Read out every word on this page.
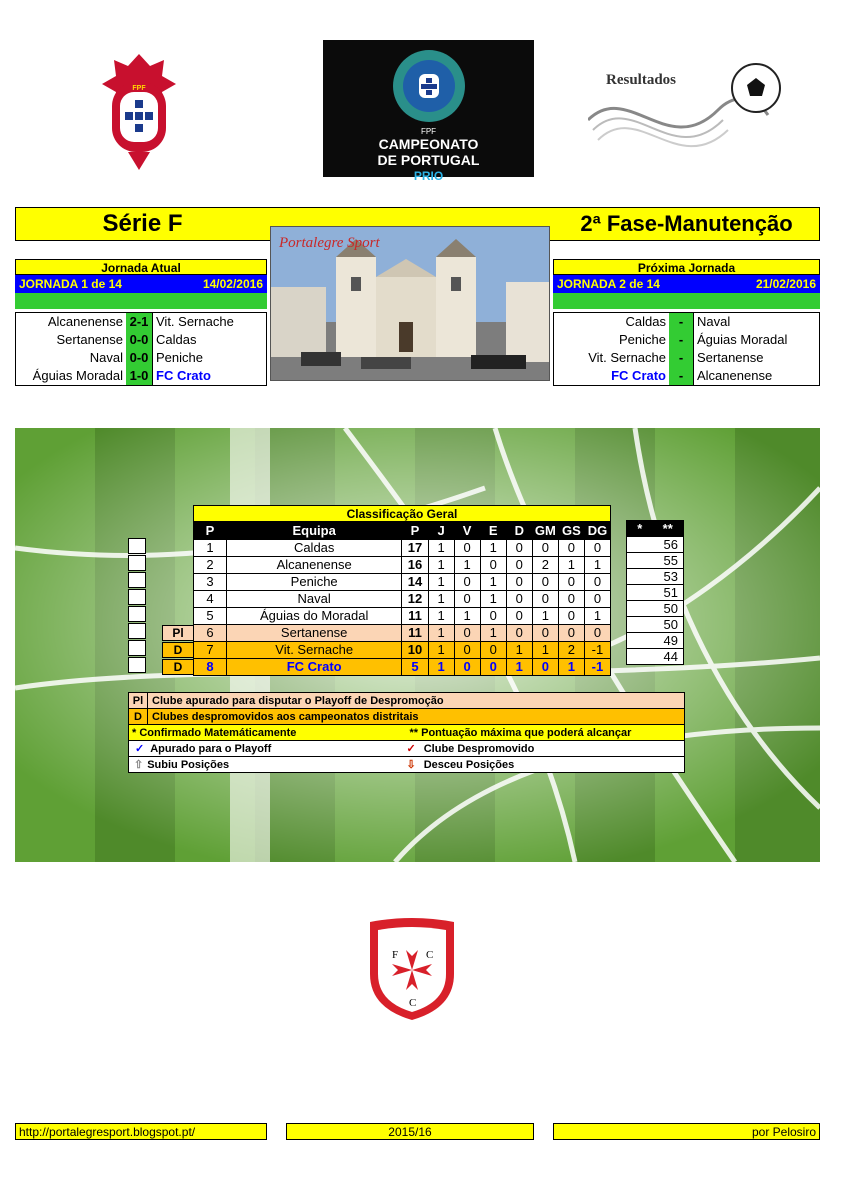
FPF
FPF
CAMPEONATO
DE PORTUGAL
PRIO
Resultados
Série F	2ª Fase-Manutenção
Portalegre Sport
Jornada Atual
JORNADA 1 de 14	14/02/2016
Alcanenense 2-1 Vit. Sernache
Sertanense 0-0 Caldas
Naval 0-0 Peniche
Águias Moradal 1-0 FC Crato
Próxima Jornada
JORNADA 2 de 14	21/02/2016
Caldas -	Naval
Peniche -	Águias Moradal
Vit. Sernache -	Sertanense
FC Crato -	Alcanenense
Pl
D
D
Classificação Geral
P	Equipa	P	J	V	E	D	GM	GS	DG
1	Caldas	17	1	0	1	0	0	0	0
2	Alcanenense	16	1	1	0	0	2	1	1
3	Peniche	14	1	0	1	0	0	0	0
4	Naval	12	1	0	1	0	0	0	0
5	Águias do Moradal	11	1	1	0	0	1	0	1
6	Sertanense	11	1	0	1	0	0	0	0
7	Vit. Sernache	10	1	0	0	1	1	2	-1
8	FC Crato	5	1	0	0	1	0	1	-1
* **
56
55
53
51
50
50
49
44
Pl Clube apurado para disputar o Playoff de Despromoção
D Clubes despromovidos aos campeonatos distritais
* Confirmado Matemáticamente	** Pontuação máxima que poderá alcançar
✓ Apurado para o Playoff	✓ Clube Despromovido
⇧ Subiu Posições	⇩ Desceu Posições
F	C
C
http://portalegresport.blogspot.pt/	2015/16	por Pelosiro
